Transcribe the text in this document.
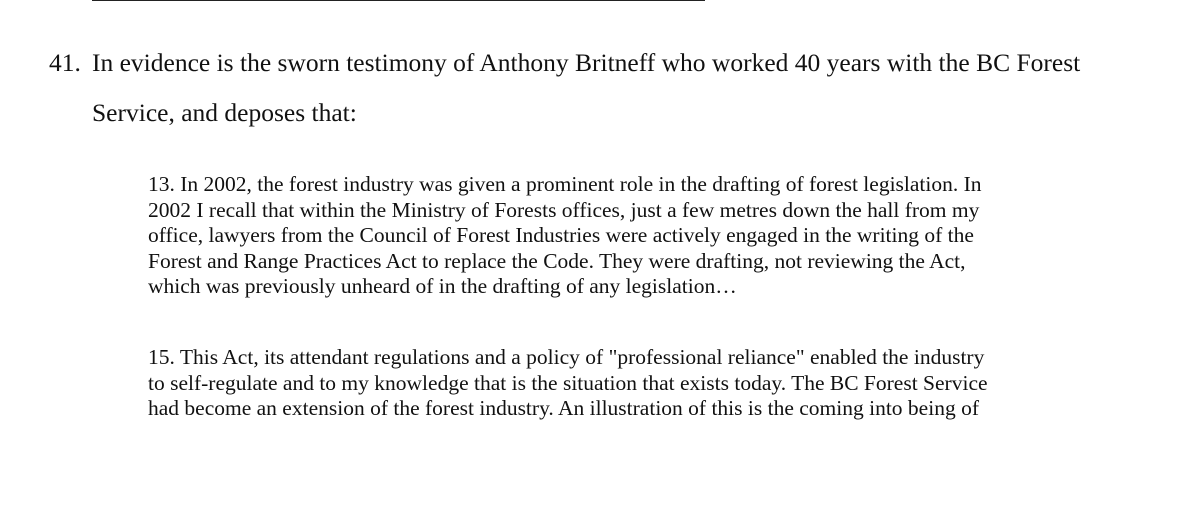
41. In evidence is the sworn testimony of Anthony Britneff who worked 40 years with the BC Forest Service, and deposes that:
13. In 2002, the forest industry was given a prominent role in the drafting of forest legislation. In
2002 I recall that within the Ministry of Forests offices, just a few metres down the hall from my
office, lawyers from the Council of Forest Industries were actively engaged in the writing of the
Forest and Range Practices Act to replace the Code. They were drafting, not reviewing the Act,
which was previously unheard of in the drafting of any legislation…
15. This Act, its attendant regulations and a policy of "professional reliance" enabled the industry
to self-regulate and to my knowledge that is the situation that exists today. The BC Forest Service
had become an extension of the forest industry. An illustration of this is the coming into being of
